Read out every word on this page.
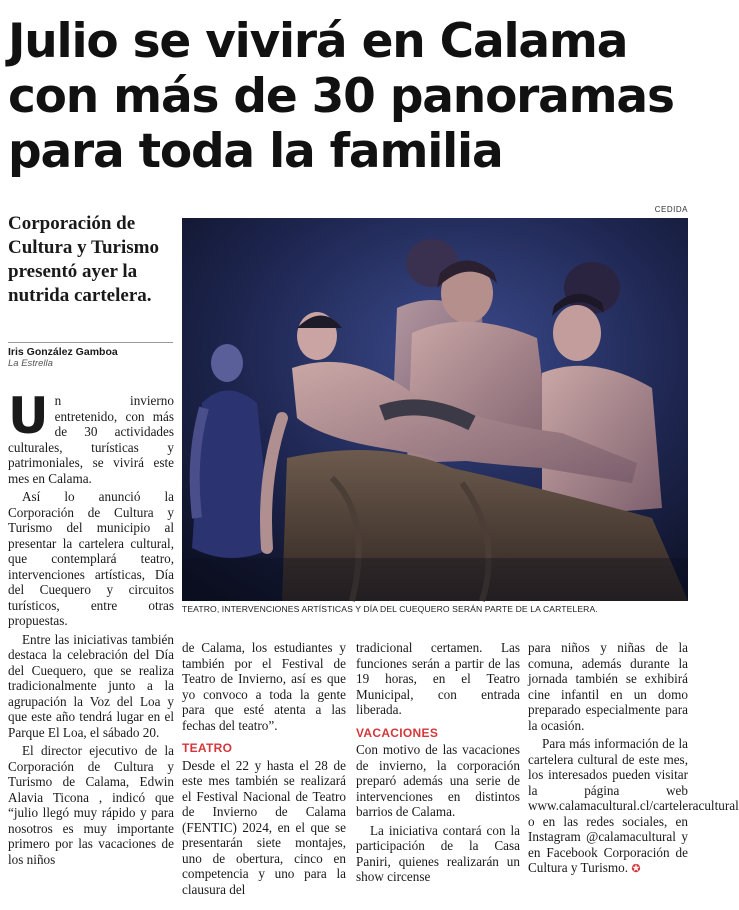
Julio se vivirá en Calama con más de 30 panoramas para toda la familia
CEDIDA
Corporación de Cultura y Turismo presentó ayer la nutrida cartelera.
Iris González Gamboa
La Estrella
TEATRO, INTERVENCIONES ARTÍSTICAS Y DÍA DEL CUEQUERO SERÁN PARTE DE LA CARTELERA.

Un invierno entretenido, con más de 30 actividades culturales, turísticas y patrimoniales, se vivirá este mes en Calama.

Así lo anunció la Corporación de Cultura y Turismo del municipio al presentar la cartelera cultural, que contemplará teatro, intervenciones artísticas, Día del Cuequero y circuitos turísticos, entre otras propuestas.

Entre las iniciativas también destaca la celebración del Día del Cuequero, que se realiza tradicionalmente junto a la agrupación la Voz del Loa y que este año tendrá lugar en el Parque El Loa, el sábado 20.

El director ejecutivo de la Corporación de Cultura y Turismo de Calama, Edwin Alavia Ticona , indicó que “julio llegó muy rápido y para nosotros es muy importante primero por las vacaciones de los niños

de Calama, los estudiantes y también por el Festival de Teatro de Invierno, así es que yo convoco a toda la gente para que esté atenta a las fechas del teatro”.

TEATRO

Desde el 22 y hasta el 28 de este mes también se realizará el Festival Nacional de Teatro de Invierno de Calama (FENTIC) 2024, en el que se presentarán siete montajes, uno de obertura, cinco en competencia y uno para la clausura del

tradicional certamen. Las funciones serán a partir de las 19 horas, en el Teatro Municipal, con entrada liberada.

VACACIONES

Con motivo de las vacaciones de invierno, la corporación preparó además una serie de intervenciones en distintos barrios de Calama.

La iniciativa contará con la participación de la Casa Paniri, quienes realizarán un show circense

para niños y niñas de la comuna, además durante la jornada también se exhibirá cine infantil en un domo preparado especialmente para la ocasión.

Para más información de la cartelera cultural de este mes, los interesados pueden visitar la página web www.calamacultural.cl/carteleracultural o en las redes sociales, en Instagram @calamacultural y en Facebook Corporación de Cultura y Turismo. ✪
